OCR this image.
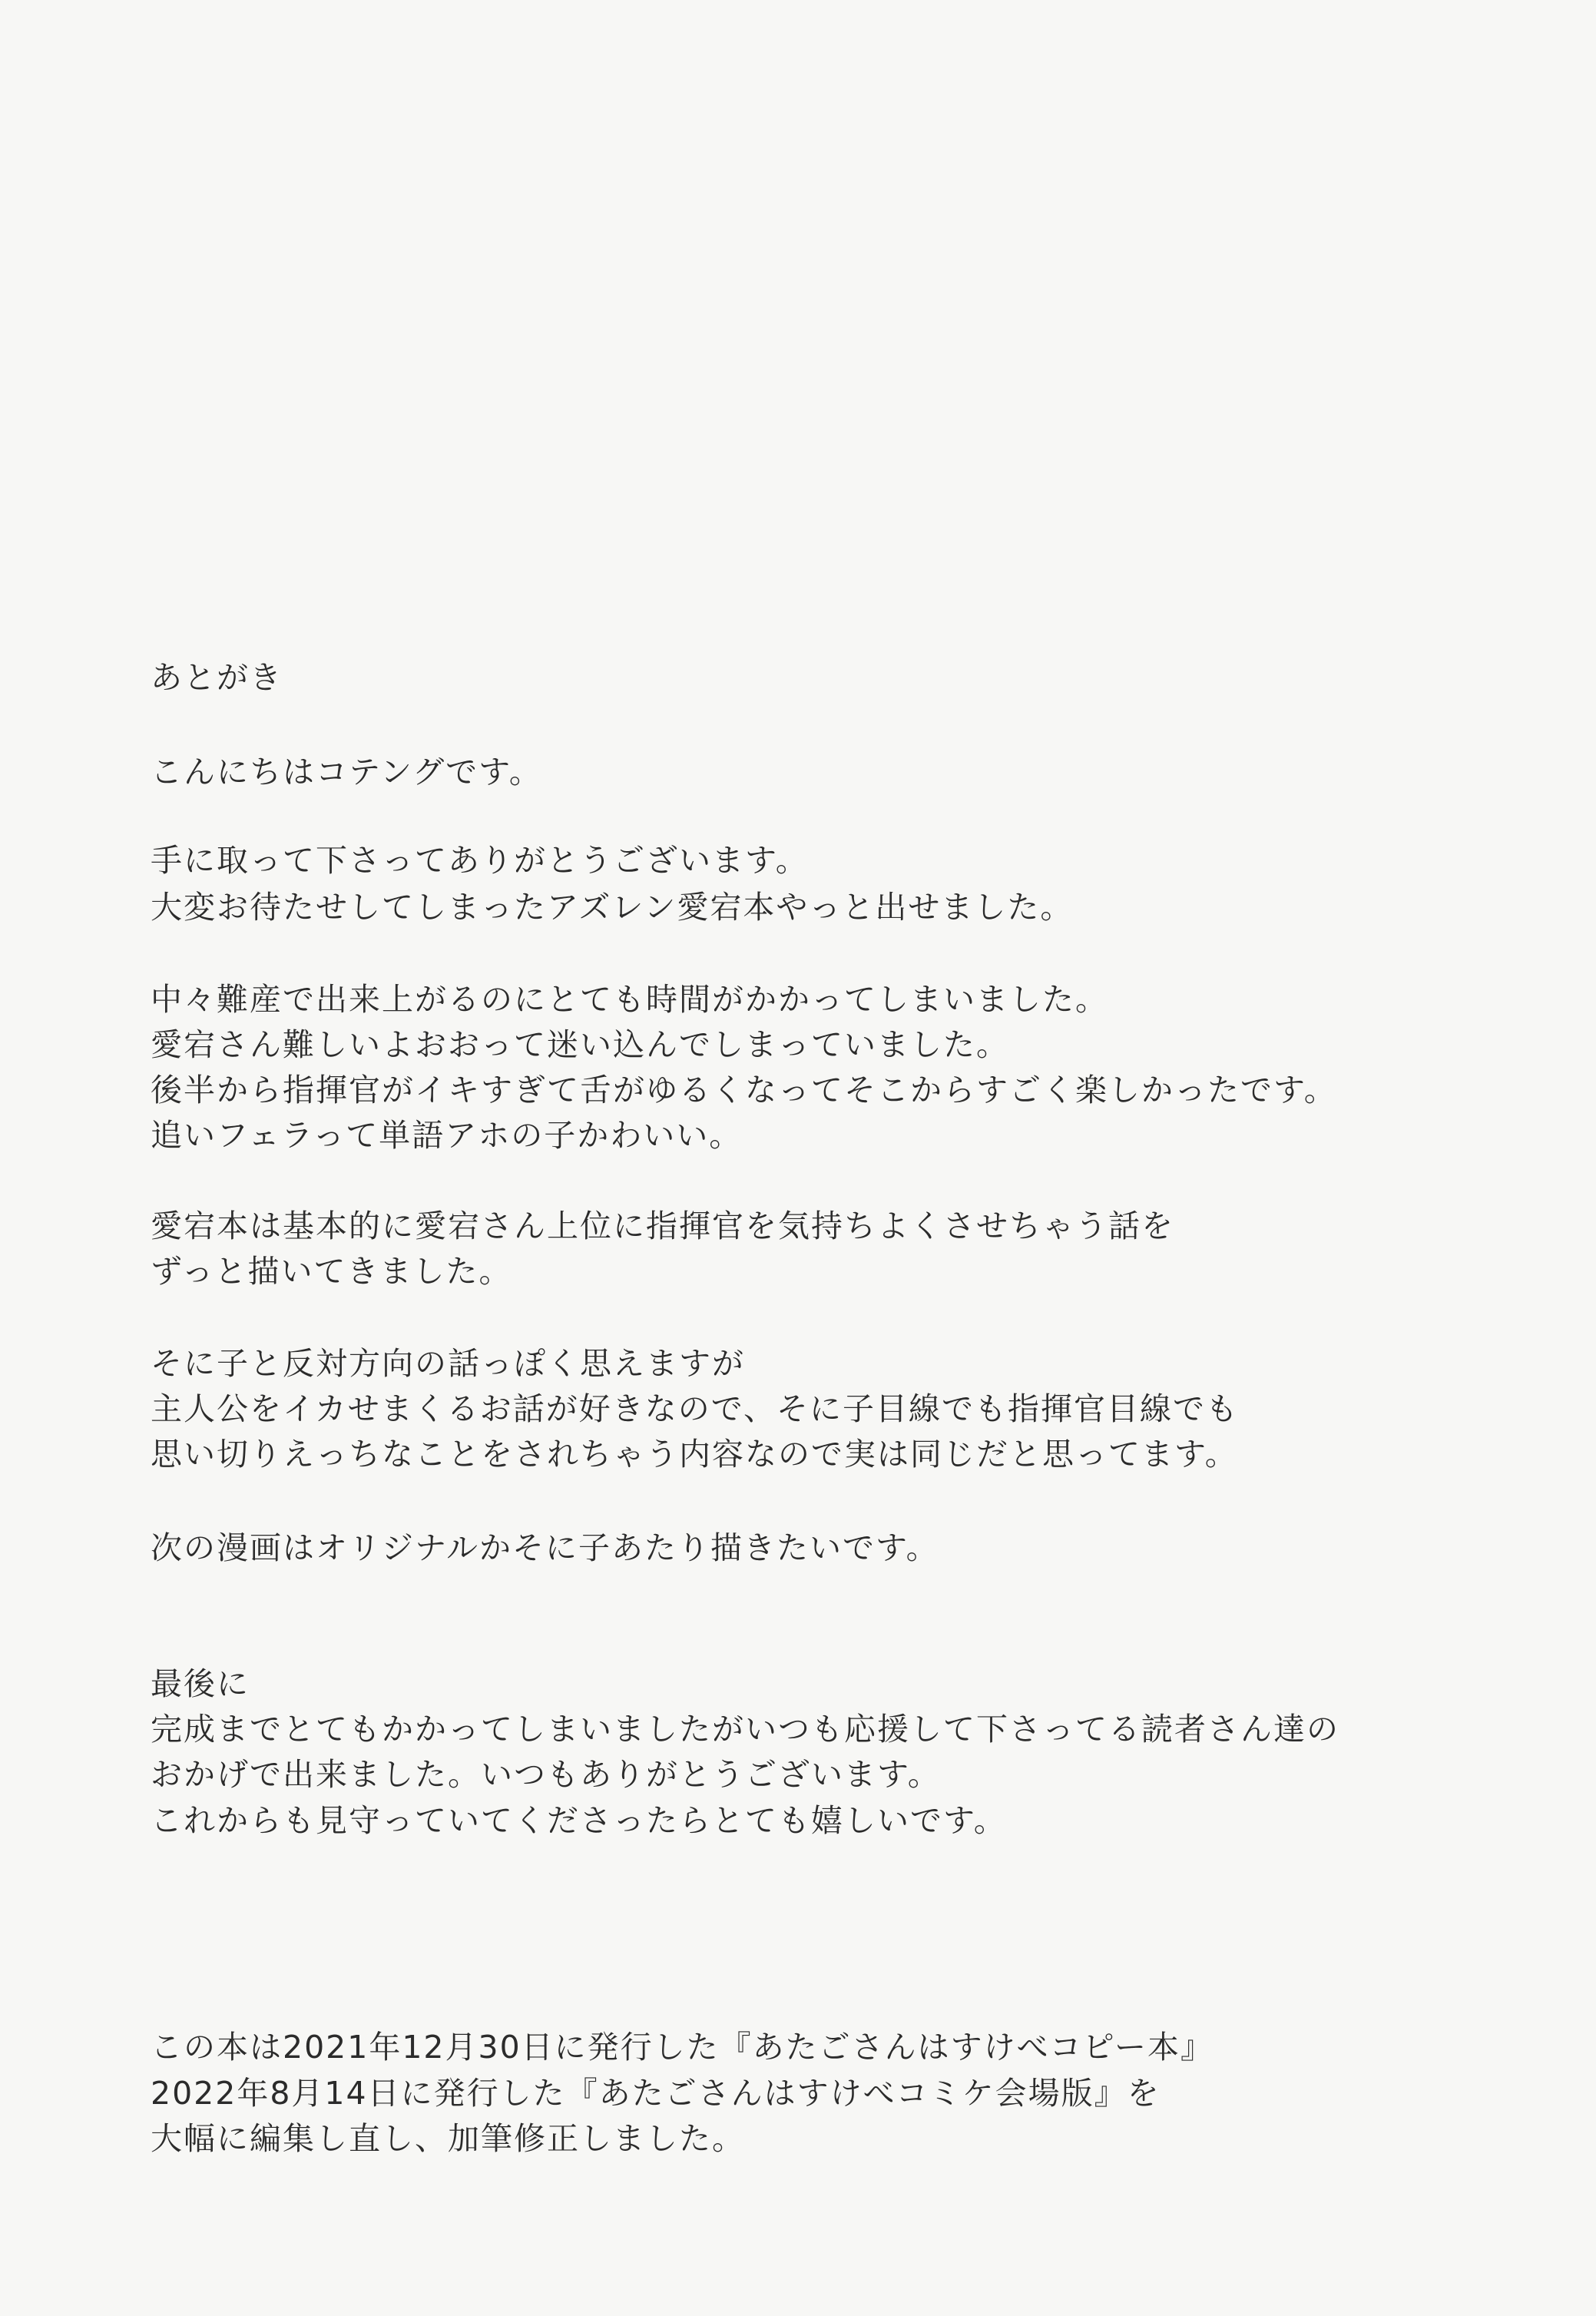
あとがき
こんにちはコテングです。
手に取って下さってありがとうございます。
大変お待たせしてしまったアズレン愛宕本やっと出せました。
中々難産で出来上がるのにとても時間がかかってしまいました。
愛宕さん難しいよおおって迷い込んでしまっていました。
後半から指揮官がイキすぎて舌がゆるくなってそこからすごく楽しかったです。
追いフェラって単語アホの子かわいい。
愛宕本は基本的に愛宕さん上位に指揮官を気持ちよくさせちゃう話を
ずっと描いてきました。
そに子と反対方向の話っぽく思えますが
主人公をイカせまくるお話が好きなので、そに子目線でも指揮官目線でも
思い切りえっちなことをされちゃう内容なので実は同じだと思ってます。
次の漫画はオリジナルかそに子あたり描きたいです。
最後に
完成までとてもかかってしまいましたがいつも応援して下さってる読者さん達の
おかげで出来ました。いつもありがとうございます。
これからも見守っていてくださったらとても嬉しいです。
この本は2021年12月30日に発行した『あたごさんはすけべコピー本』
2022年8月14日に発行した『あたごさんはすけべコミケ会場版』を
大幅に編集し直し、加筆修正しました。
